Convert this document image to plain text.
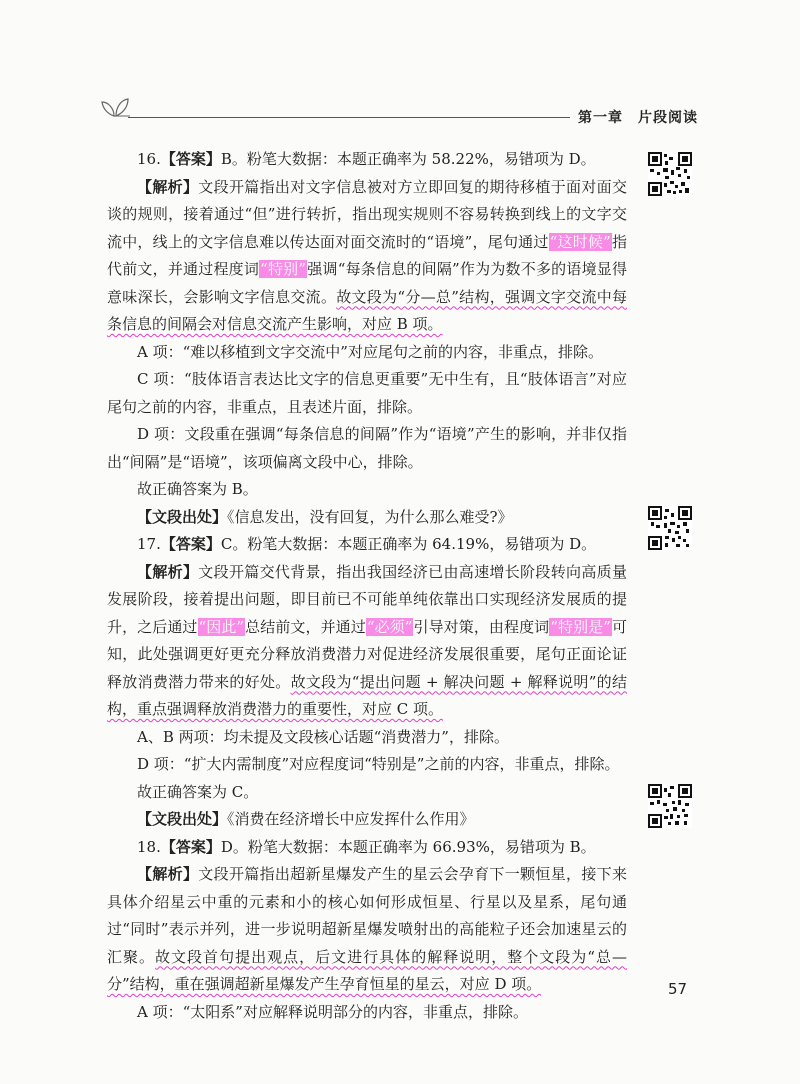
第一章　片段阅读

16.【答案】B。粉笔大数据：本题正确率为 58.22%，易错项为 D。

【解析】文段开篇指出对文字信息被对方立即回复的期待移植于面对面交谈的规则，接着通过“但”进行转折，指出现实规则不容易转换到线上的文字交流中，线上的文字信息难以传达面对面交流时的“语境”，尾句通过“这时候”指代前文，并通过程度词“特别”强调“每条信息的间隔”作为为数不多的语境显得意味深长，会影响文字信息交流。故文段为“分—总”结构，强调文字交流中每条信息的间隔会对信息交流产生影响，对应 B 项。

A 项：“难以移植到文字交流中”对应尾句之前的内容，非重点，排除。

C 项：“肢体语言表达比文字的信息更重要”无中生有，且“肢体语言”对应尾句之前的内容，非重点，且表述片面，排除。

D 项：文段重在强调“每条信息的间隔”作为“语境”产生的影响，并非仅指出“间隔”是“语境”，该项偏离文段中心，排除。

故正确答案为 B。

【文段出处】《信息发出，没有回复，为什么那么难受?》

17.【答案】C。粉笔大数据：本题正确率为 64.19%，易错项为 D。

【解析】文段开篇交代背景，指出我国经济已由高速增长阶段转向高质量发展阶段，接着提出问题，即目前已不可能单纯依靠出口实现经济发展质的提升，之后通过“因此”总结前文，并通过“必须”引导对策，由程度词“特别是”可知，此处强调更好更充分释放消费潜力对促进经济发展很重要，尾句正面论证释放消费潜力带来的好处。故文段为“提出问题 + 解决问题 + 解释说明”的结构，重点强调释放消费潜力的重要性，对应 C 项。

A、B 两项：均未提及文段核心话题“消费潜力”，排除。

D 项：“扩大内需制度”对应程度词“特别是”之前的内容，非重点，排除。

故正确答案为 C。

【文段出处】《消费在经济增长中应发挥什么作用》

18.【答案】D。粉笔大数据：本题正确率为 66.93%，易错项为 B。

【解析】文段开篇指出超新星爆发产生的星云会孕育下一颗恒星，接下来具体介绍星云中重的元素和小的核心如何形成恒星、行星以及星系，尾句通过“同时”表示并列，进一步说明超新星爆发喷射出的高能粒子还会加速星云的汇聚。故文段首句提出观点，后文进行具体的解释说明，整个文段为“总—分”结构，重在强调超新星爆发产生孕育恒星的星云，对应 D 项。

A 项：“太阳系”对应解释说明部分的内容，非重点，排除。

57
